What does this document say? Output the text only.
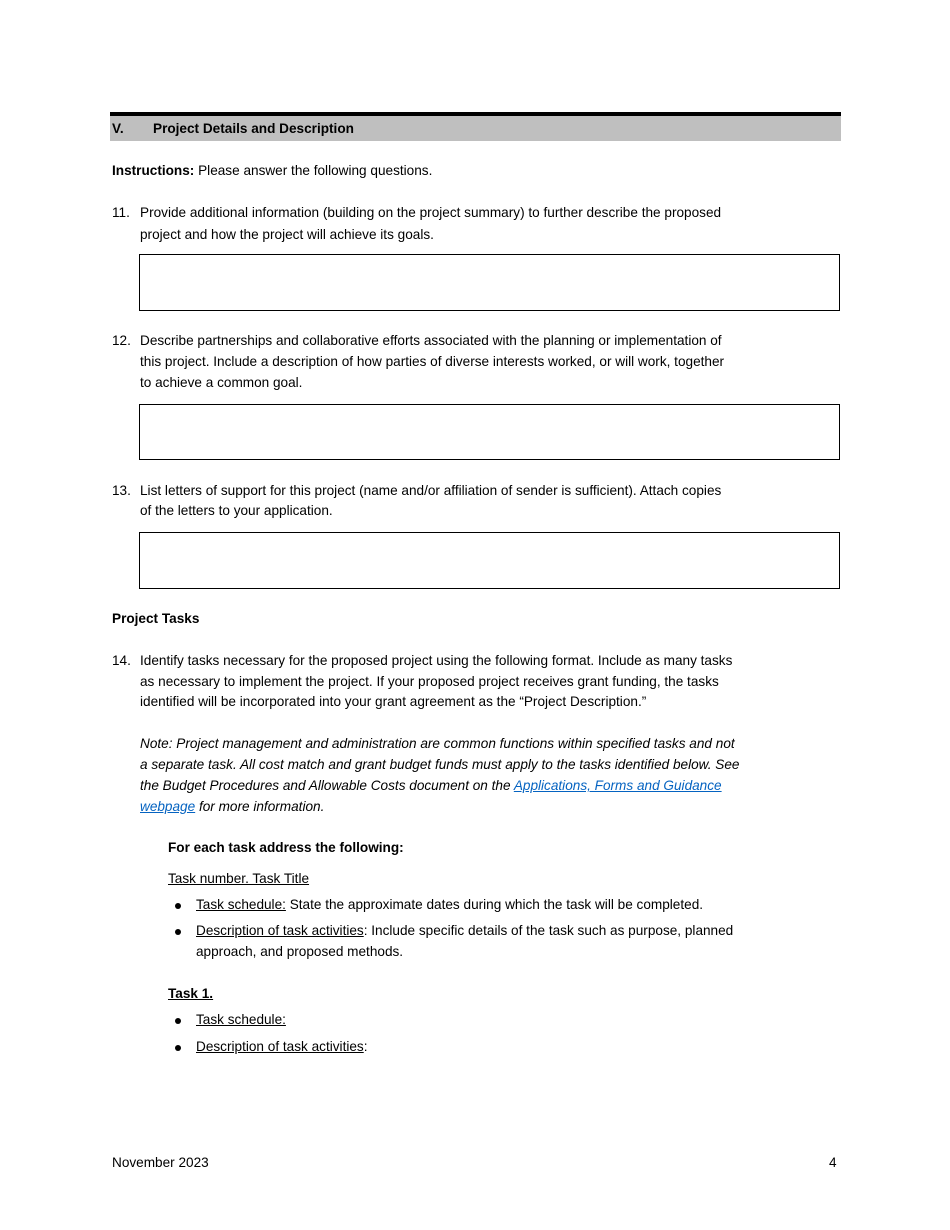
V. Project Details and Description
Instructions: Please answer the following questions.
11. Provide additional information (building on the project summary) to further describe the proposed
project and how the project will achieve its goals.
12. Describe partnerships and collaborative efforts associated with the planning or implementation of
this project. Include a description of how parties of diverse interests worked, or will work, together
to achieve a common goal.
13. List letters of support for this project (name and/or affiliation of sender is sufficient). Attach copies
of the letters to your application.
Project Tasks
14. Identify tasks necessary for the proposed project using the following format. Include as many tasks
as necessary to implement the project. If your proposed project receives grant funding, the tasks
identified will be incorporated into your grant agreement as the “Project Description.”
Note: Project management and administration are common functions within specified tasks and not
a separate task. All cost match and grant budget funds must apply to the tasks identified below. See
the Budget Procedures and Allowable Costs document on the Applications, Forms and Guidance
webpage for more information.
For each task address the following:
Task number. Task Title
Task schedule: State the approximate dates during which the task will be completed.
Description of task activities: Include specific details of the task such as purpose, planned
approach, and proposed methods.
Task 1.
Task schedule:
Description of task activities:
November 2023	4
